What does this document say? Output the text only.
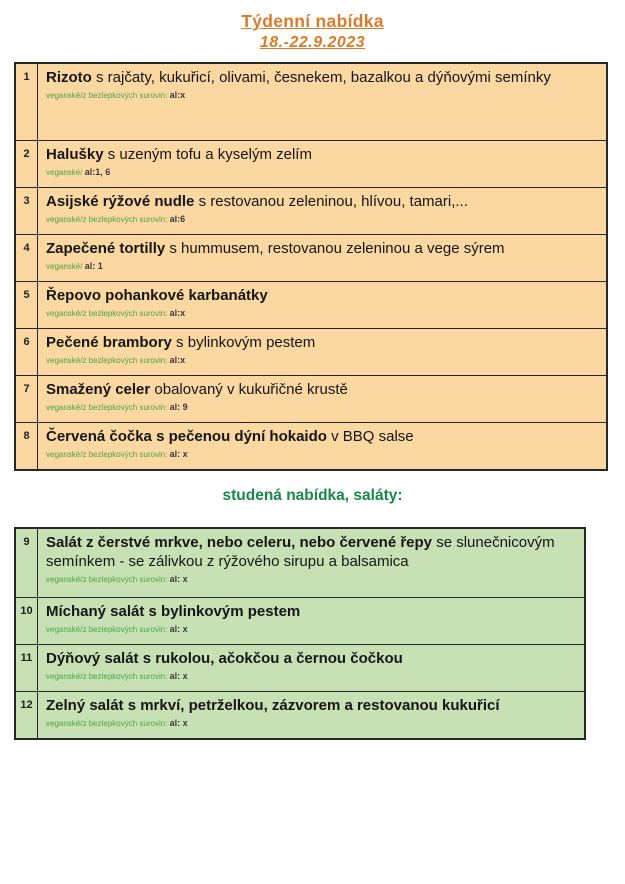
Týdenní nabídka
18.-22.9.2023
1	Rizoto s rajčaty, kukuřicí, olivami, česnekem, bazalkou a dýňovými semínky
veganské/z bezlepkových surovin: al:x
2	Halušky s uzeným tofu a kyselým zelím
veganské/ al:1, 6
3	Asijské rýžové nudle s restovanou zeleninou, hlívou, tamari,...
veganské/z bezlepkových surovin: al:6
4	Zapečené tortilly s hummusem, restovanou zeleninou a vege sýrem
veganské/ al: 1
5	Řepovo pohankové karbanátky
veganské/z bezlepkových surovin: al:x
6	Pečené brambory s bylinkovým pestem
veganské/z bezlepkových surovin: al:x
7	Smažený celer obalovaný v kukuřičné krustě
veganské/z bezlepkových surovin: al: 9
8	Červená čočka s pečenou dýní hokaido v BBQ salse
veganské/z bezlepkových surovin: al: x
studená nabídka, saláty:
9	Salát z čerstvé mrkve, nebo celeru, nebo červené řepy se slunečnicovým semínkem - se zálivkou z rýžového sirupu a balsamica
veganské/z bezlepkových surovin: al: x
10 Míchaný salát s bylinkovým pestem
veganské/z bezlepkových surovin: al: x
11 Dýňový salát s rukolou, ačokčou a černou čočkou
veganské/z bezlepkových surovin: al: x
12 Zelný salát s mrkví, petrželkou, zázvorem a restovanou kukuřicí
veganské/z bezlepkových surovin: al: x
